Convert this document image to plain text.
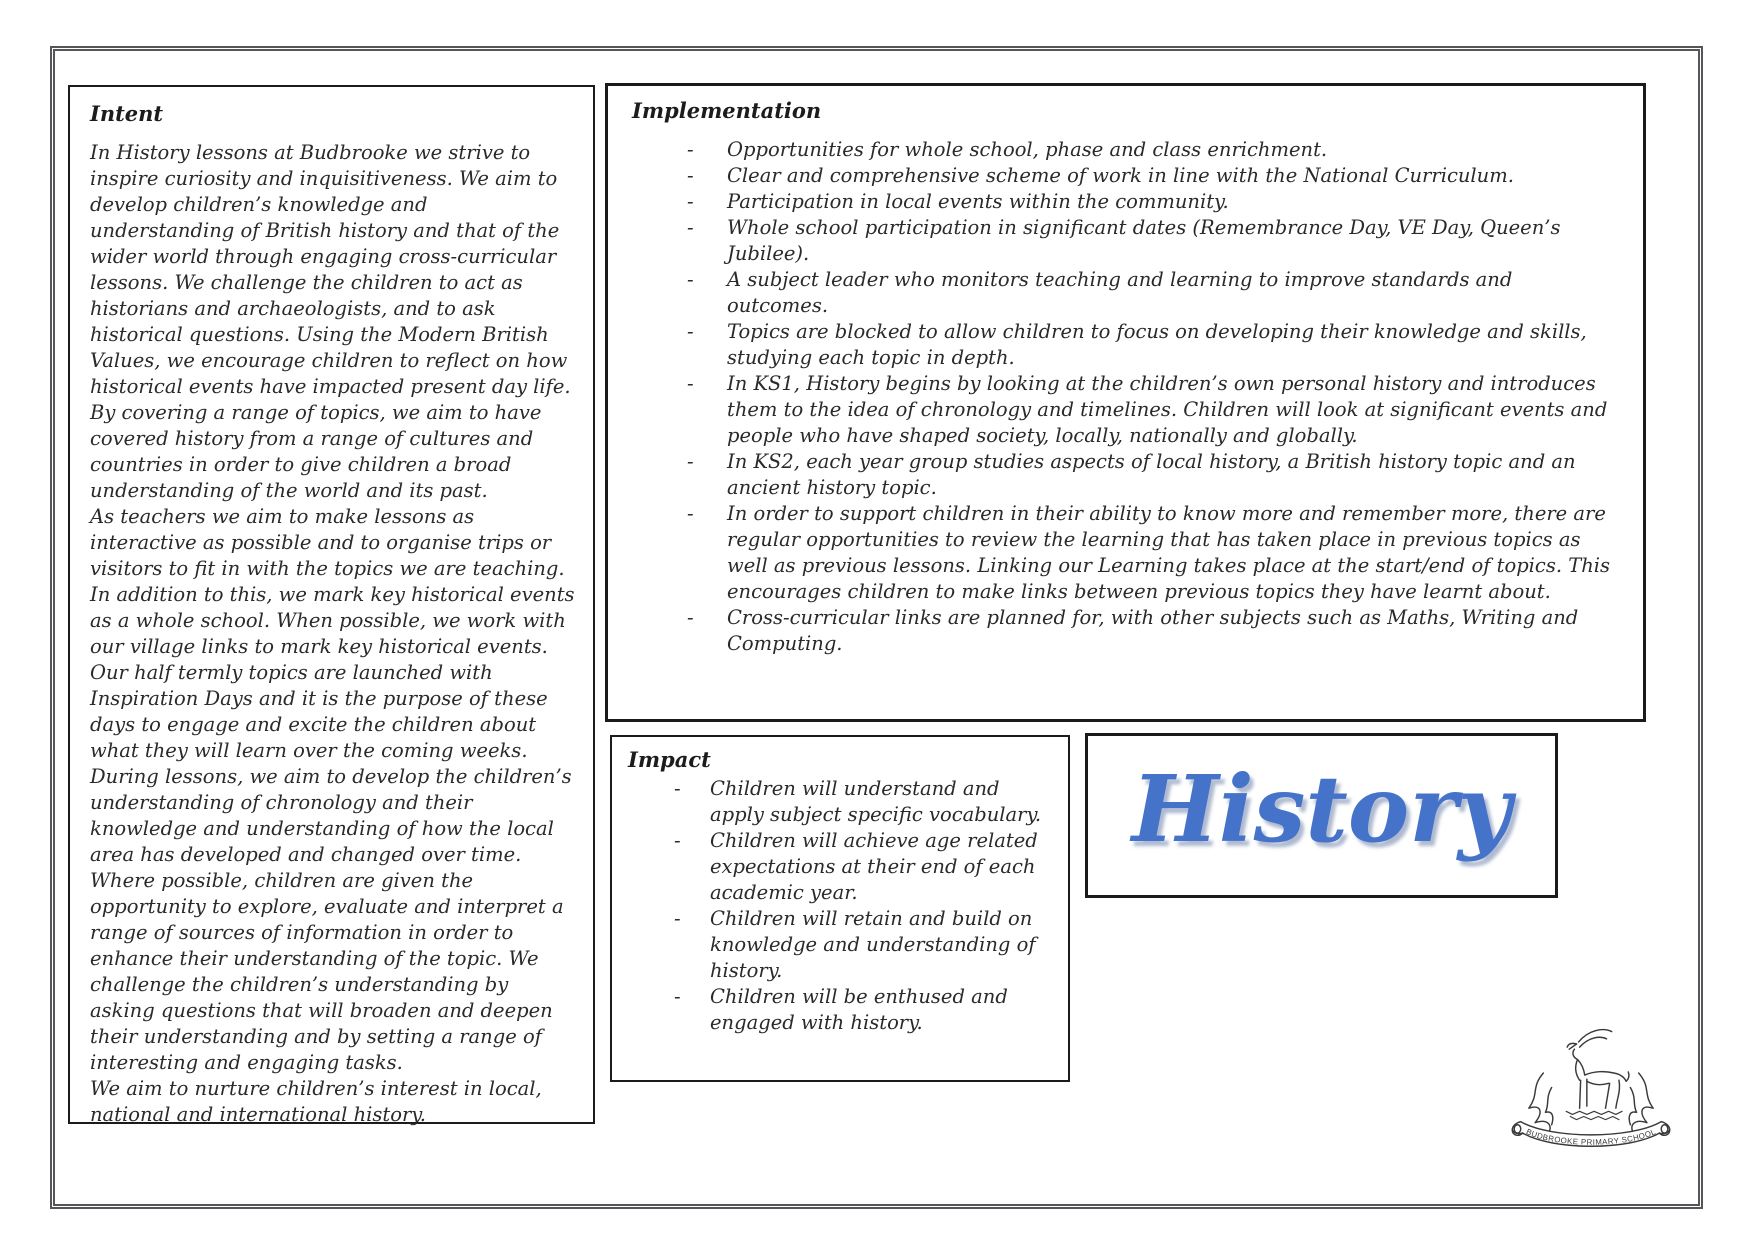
Intent

In History lessons at Budbrooke we strive to inspire curiosity and inquisitiveness. We aim to develop children’s knowledge and understanding of British history and that of the wider world through engaging cross-curricular lessons. We challenge the children to act as historians and archaeologists, and to ask historical questions. Using the Modern British Values, we encourage children to reflect on how historical events have impacted present day life. By covering a range of topics, we aim to have covered history from a range of cultures and countries in order to give children a broad understanding of the world and its past.

As teachers we aim to make lessons as interactive as possible and to organise trips or visitors to fit in with the topics we are teaching. In addition to this, we mark key historical events as a whole school. When possible, we work with our village links to mark key historical events. Our half termly topics are launched with Inspiration Days and it is the purpose of these days to engage and excite the children about what they will learn over the coming weeks.

During lessons, we aim to develop the children’s understanding of chronology and their knowledge and understanding of how the local area has developed and changed over time. Where possible, children are given the opportunity to explore, evaluate and interpret a range of sources of information in order to enhance their understanding of the topic. We challenge the children’s understanding by asking questions that will broaden and deepen their understanding and by setting a range of interesting and engaging tasks.

We aim to nurture children’s interest in local, national and international history.

Implementation
- Opportunities for whole school, phase and class enrichment.
- Clear and comprehensive scheme of work in line with the National Curriculum.
- Participation in local events within the community.
- Whole school participation in significant dates (Remembrance Day, VE Day, Queen’s Jubilee).
- A subject leader who monitors teaching and learning to improve standards and outcomes.
- Topics are blocked to allow children to focus on developing their knowledge and skills, studying each topic in depth.
- In KS1, History begins by looking at the children’s own personal history and introduces them to the idea of chronology and timelines. Children will look at significant events and people who have shaped society, locally, nationally and globally.
- In KS2, each year group studies aspects of local history, a British history topic and an ancient history topic.
- In order to support children in their ability to know more and remember more, there are regular opportunities to review the learning that has taken place in previous topics as well as previous lessons. Linking our Learning takes place at the start/end of topics. This encourages children to make links between previous topics they have learnt about.
- Cross-curricular links are planned for, with other subjects such as Maths, Writing and Computing.
Impact
- Children will understand and apply subject specific vocabulary.
- Children will achieve age related expectations at their end of each academic year.
- Children will retain and build on knowledge and understanding of history.
- Children will be enthused and engaged with history.
History
BUDBROOKE PRIMARY SCHOOL
